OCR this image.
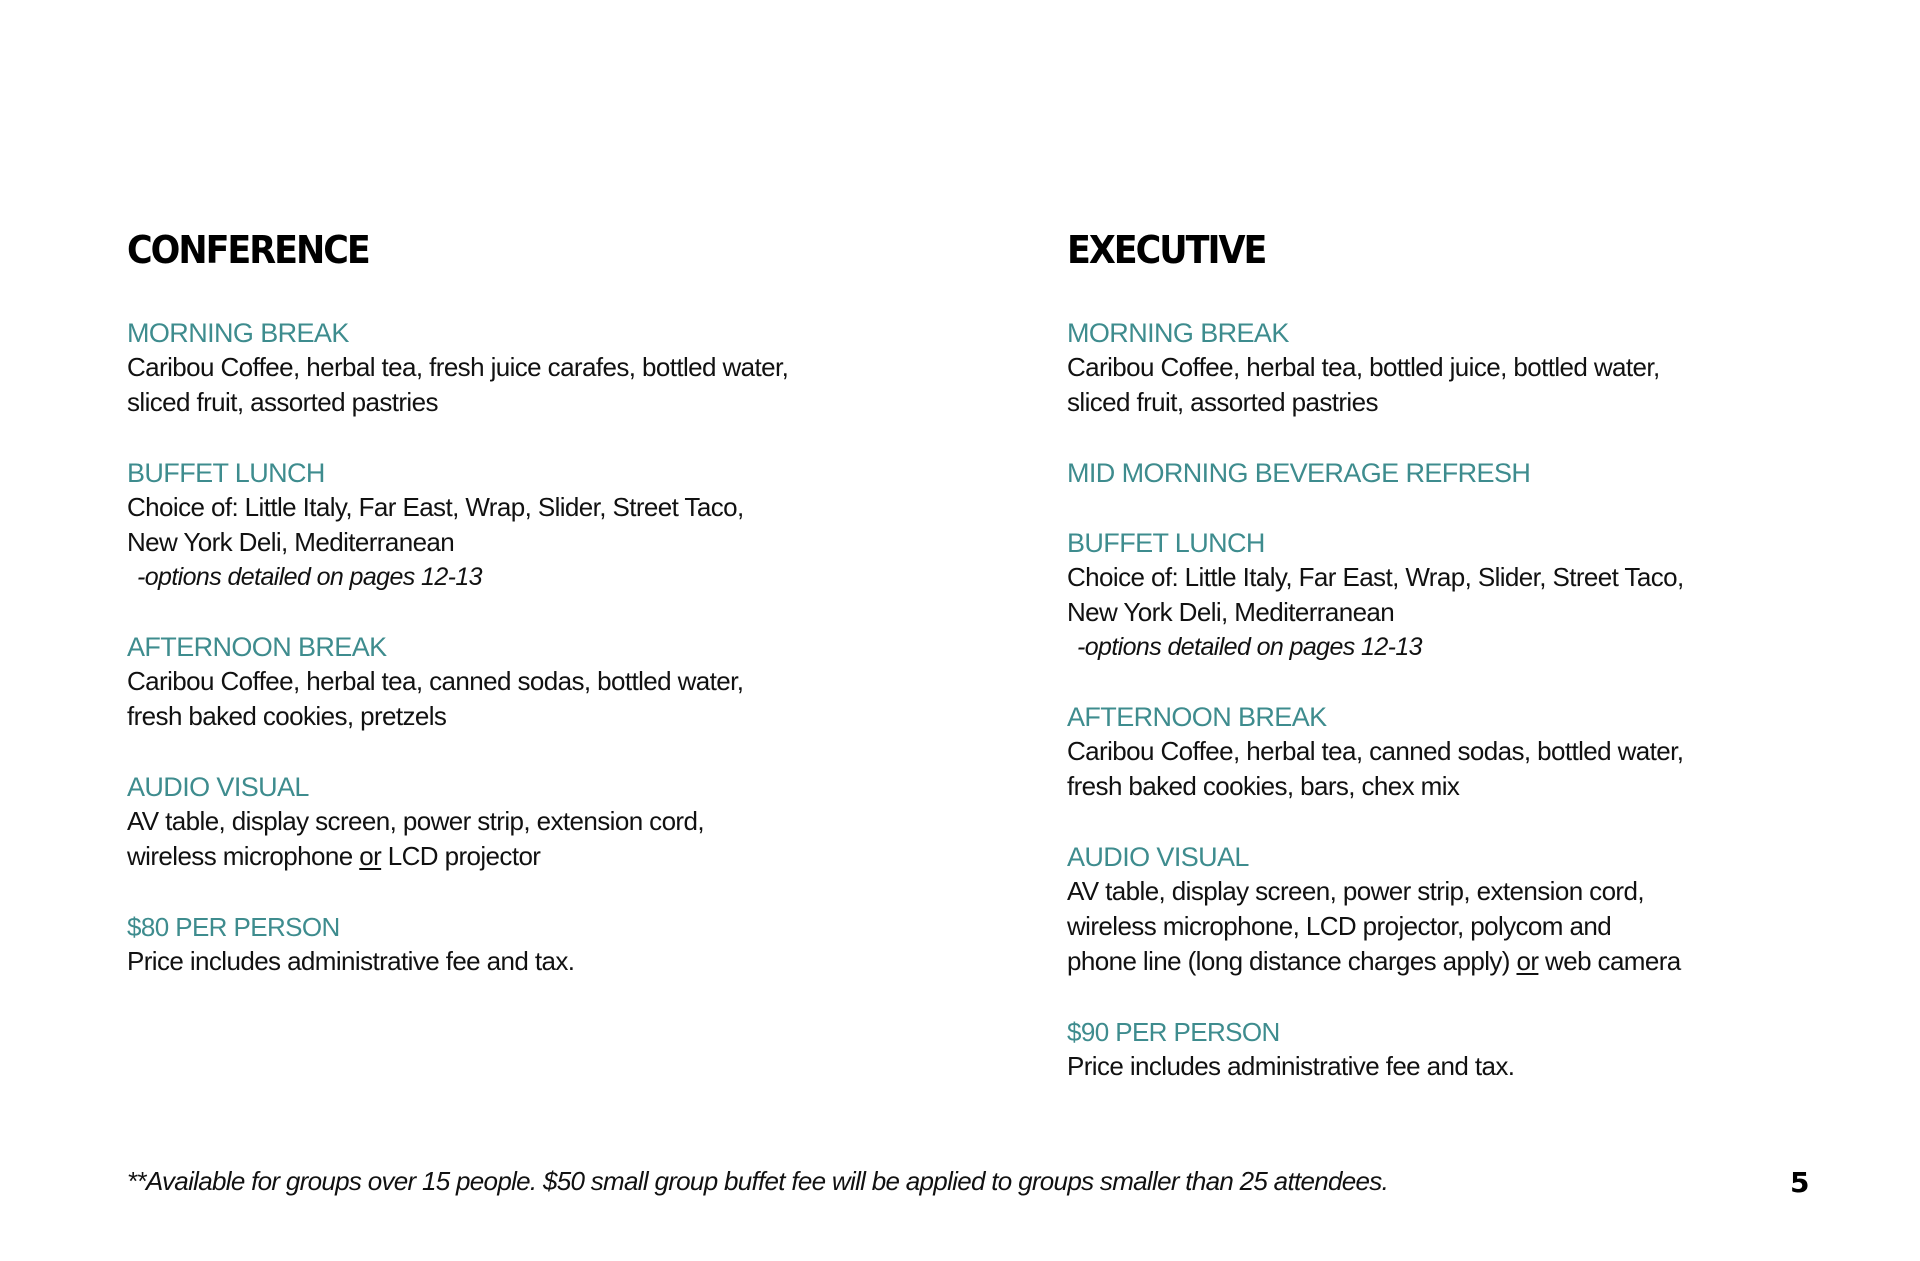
CONFERENCE
MORNING BREAK
Caribou Coffee, herbal tea, fresh juice carafes, bottled water,
sliced fruit, assorted pastries
BUFFET LUNCH
Choice of: Little Italy, Far East, Wrap, Slider, Street Taco,
New York Deli, Mediterranean
-options detailed on pages 12-13
AFTERNOON BREAK
Caribou Coffee, herbal tea, canned sodas, bottled water,
fresh baked cookies, pretzels
AUDIO VISUAL
AV table, display screen, power strip, extension cord,
wireless microphone or LCD projector
$80 PER PERSON
Price includes administrative fee and tax.
EXECUTIVE
MORNING BREAK
Caribou Coffee, herbal tea, bottled juice, bottled water,
sliced fruit, assorted pastries
MID MORNING BEVERAGE REFRESH
BUFFET LUNCH
Choice of: Little Italy, Far East, Wrap, Slider, Street Taco,
New York Deli, Mediterranean
-options detailed on pages 12-13
AFTERNOON BREAK
Caribou Coffee, herbal tea, canned sodas, bottled water,
fresh baked cookies, bars, chex mix
AUDIO VISUAL
AV table, display screen, power strip, extension cord,
wireless microphone, LCD projector, polycom and
phone line (long distance charges apply) or web camera
$90 PER PERSON
Price includes administrative fee and tax.
**Available for groups over 15 people. $50 small group buffet fee will be applied to groups smaller than 25 attendees.	5
